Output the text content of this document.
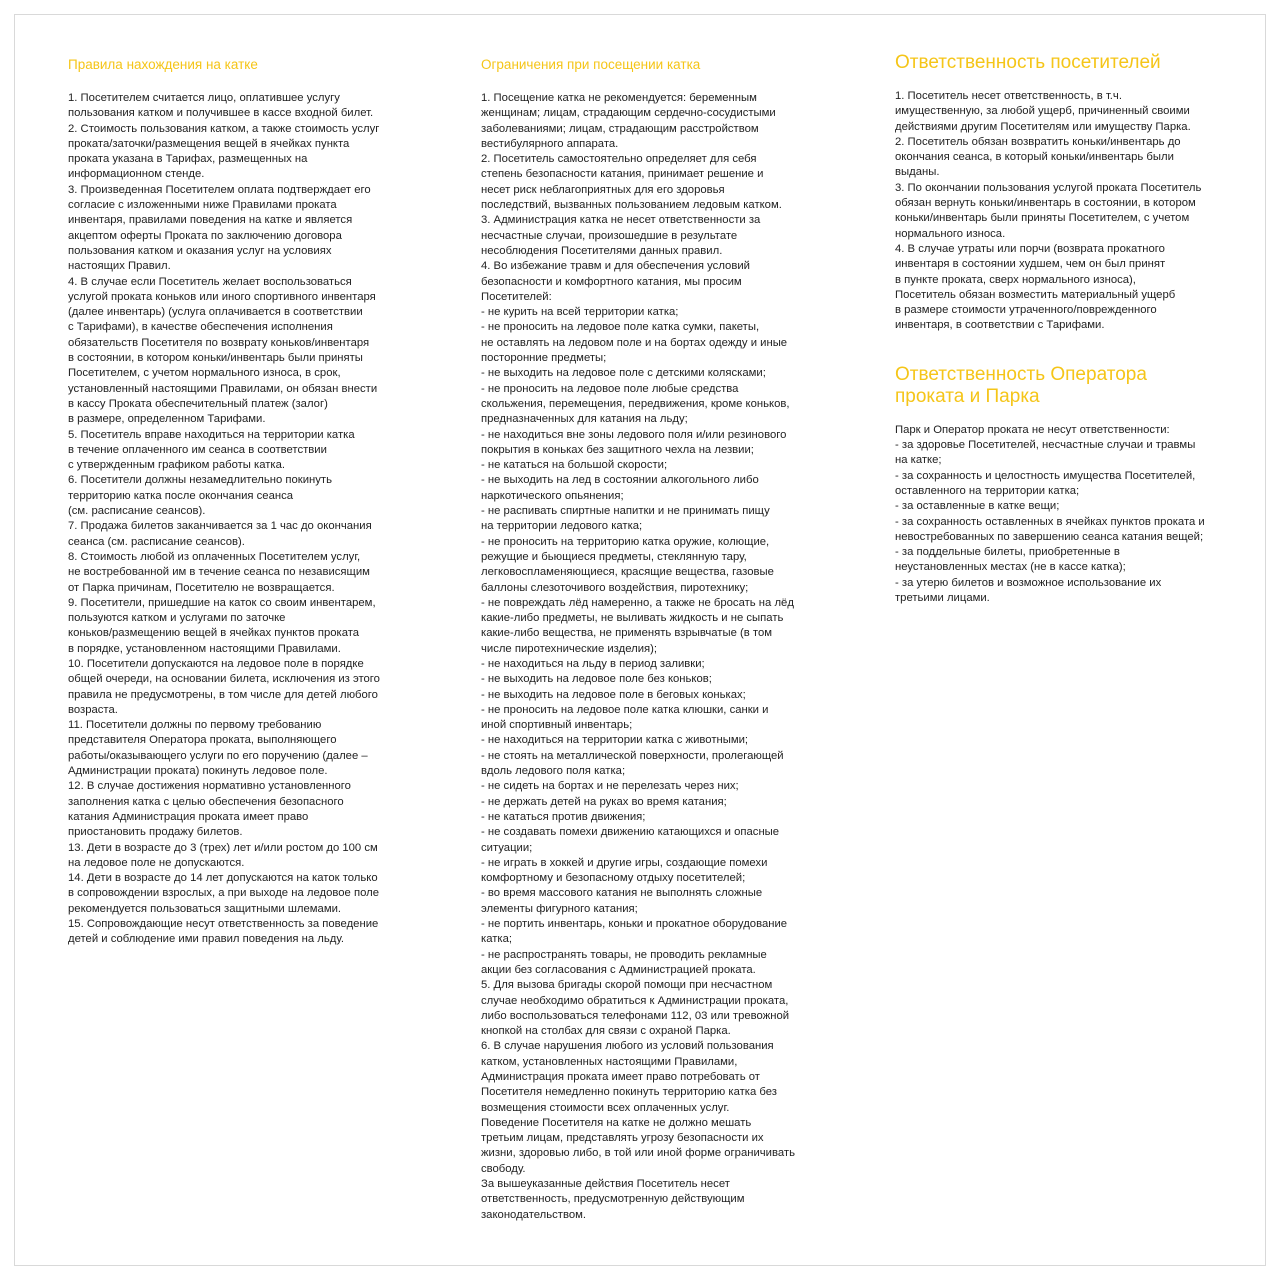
Правила нахождения на катке
1. Посетителем считается лицо, оплатившее услугу
пользования катком и получившее в кассе входной билет.
2. Стоимость пользования катком, а также стоимость услуг
проката/заточки/размещения вещей в ячейках пункта
проката указана в Тарифах, размещенных на
информационном стенде.
3. Произведенная Посетителем оплата подтверждает его
согласие с изложенными ниже Правилами проката
инвентаря, правилами поведения на катке и является
акцептом оферты Проката по заключению договора
пользования катком и оказания услуг на условиях
настоящих Правил.
4. В случае если Посетитель желает воспользоваться
услугой проката коньков или иного спортивного инвентаря
(далее инвентарь) (услуга оплачивается в соответствии
с Тарифами), в качестве обеспечения исполнения
обязательств Посетителя по возврату коньков/инвентаря
в состоянии, в котором коньки/инвентарь были приняты
Посетителем, с учетом нормального износа, в срок,
установленный настоящими Правилами, он обязан внести
в кассу Проката обеспечительный платеж (залог)
в размере, определенном Тарифами.
5. Посетитель вправе находиться на территории катка
в течение оплаченного им сеанса в соответствии
с утвержденным графиком работы катка.
6. Посетители должны незамедлительно покинуть
территорию катка после окончания сеанса
(см. расписание сеансов).
7. Продажа билетов заканчивается за 1 час до окончания
сеанса (см. расписание сеансов).
8. Стоимость любой из оплаченных Посетителем услуг,
не востребованной им в течение сеанса по независящим
от Парка причинам, Посетителю не возвращается.
9. Посетители, пришедшие на каток со своим инвентарем,
пользуются катком и услугами по заточке
коньков/размещению вещей в ячейках пунктов проката
в порядке, установленном настоящими Правилами.
10. Посетители допускаются на ледовое поле в порядке
общей очереди, на основании билета, исключения из этого
правила не предусмотрены, в том числе для детей любого
возраста.
11. Посетители должны по первому требованию
представителя Оператора проката, выполняющего
работы/оказывающего услуги по его поручению (далее –
Администрации проката) покинуть ледовое поле.
12. В случае достижения нормативно установленного
заполнения катка с целью обеспечения безопасного
катания Администрация проката имеет право
приостановить продажу билетов.
13. Дети в возрасте до 3 (трех) лет и/или ростом до 100 см
на ледовое поле не допускаются.
14. Дети в возрасте до 14 лет допускаются на каток только
в сопровождении взрослых, а при выходе на ледовое поле
рекомендуется пользоваться защитными шлемами.
15. Сопровождающие несут ответственность за поведение
детей и соблюдение ими правил поведения на льду.
Ограничения при посещении катка
1. Посещение катка не рекомендуется: беременным
женщинам; лицам, страдающим сердечно-сосудистыми
заболеваниями; лицам, страдающим расстройством
вестибулярного аппарата.
2. Посетитель самостоятельно определяет для себя
степень безопасности катания, принимает решение и
несет риск неблагоприятных для его здоровья
последствий, вызванных пользованием ледовым катком.
3. Администрация катка не несет ответственности за
несчастные случаи, произошедшие в результате
несоблюдения Посетителями данных правил.
4. Во избежание травм и для обеспечения условий
безопасности и комфортного катания, мы просим
Посетителей:
- не курить на всей территории катка;
- не проносить на ледовое поле катка сумки, пакеты,
не оставлять на ледовом поле и на бортах одежду и иные
посторонние предметы;
- не выходить на ледовое поле с детскими колясками;
- не проносить на ледовое поле любые средства
скольжения, перемещения, передвижения, кроме коньков,
предназначенных для катания на льду;
- не находиться вне зоны ледового поля и/или резинового
покрытия в коньках без защитного чехла на лезвии;
- не кататься на большой скорости;
- не выходить на лед в состоянии алкогольного либо
наркотического опьянения;
- не распивать спиртные напитки и не принимать пищу
на территории ледового катка;
- не проносить на территорию катка оружие, колющие,
режущие и бьющиеся предметы, стеклянную тару,
легковоспламеняющиеся, красящие вещества, газовые
баллоны слезоточивого воздействия, пиротехнику;
- не повреждать лёд намеренно, а также не бросать на лёд
какие-либо предметы, не выливать жидкость и не сыпать
какие-либо вещества, не применять взрывчатые (в том
числе пиротехнические изделия);
- не находиться на льду в период заливки;
- не выходить на ледовое поле без коньков;
- не выходить на ледовое поле в беговых коньках;
- не проносить на ледовое поле катка клюшки, санки и
иной спортивный инвентарь;
- не находиться на территории катка с животными;
- не стоять на металлической поверхности, пролегающей
вдоль ледового поля катка;
- не сидеть на бортах и не перелезать через них;
- не держать детей на руках во время катания;
- не кататься против движения;
- не создавать помехи движению катающихся и опасные
ситуации;
- не играть в хоккей и другие игры, создающие помехи
комфортному и безопасному отдыху посетителей;
- во время массового катания не выполнять сложные
элементы фигурного катания;
- не портить инвентарь, коньки и прокатное оборудование
катка;
- не распространять товары, не проводить рекламные
акции без согласования с Администрацией проката.
5. Для вызова бригады скорой помощи при несчастном
случае необходимо обратиться к Администрации проката,
либо воспользоваться телефонами 112, 03 или тревожной
кнопкой на столбах для связи с охраной Парка.
6. В случае нарушения любого из условий пользования
катком, установленных настоящими Правилами,
Администрация проката имеет право потребовать от
Посетителя немедленно покинуть территорию катка без
возмещения стоимости всех оплаченных услуг.
Поведение Посетителя на катке не должно мешать
третьим лицам, представлять угрозу безопасности их
жизни, здоровью либо, в той или иной форме ограничивать
свободу.
За вышеуказанные действия Посетитель несет
ответственность, предусмотренную действующим
законодательством.
Ответственность посетителей
1. Посетитель несет ответственность, в т.ч.
имущественную, за любой ущерб, причиненный своими
действиями другим Посетителям или имуществу Парка.
2. Посетитель обязан возвратить коньки/инвентарь до
окончания сеанса, в который коньки/инвентарь были
выданы.
3. По окончании пользования услугой проката Посетитель
обязан вернуть коньки/инвентарь в состоянии, в котором
коньки/инвентарь были приняты Посетителем, с учетом
нормального износа.
4. В случае утраты или порчи (возврата прокатного
инвентаря в состоянии худшем, чем он был принят
в пункте проката, сверх нормального износа),
Посетитель обязан возместить материальный ущерб
в размере стоимости утраченного/поврежденного
инвентаря, в соответствии с Тарифами.
Ответственность Оператора
проката и Парка
Парк и Оператор проката не несут ответственности:
- за здоровье Посетителей, несчастные случаи и травмы
на катке;
- за сохранность и целостность имущества Посетителей,
оставленного на территории катка;
- за оставленные в катке вещи;
- за сохранность оставленных в ячейках пунктов проката и
невостребованных по завершению сеанса катания вещей;
- за поддельные билеты, приобретенные в
неустановленных местах (не в кассе катка);
- за утерю билетов и возможное использование их
третьими лицами.
